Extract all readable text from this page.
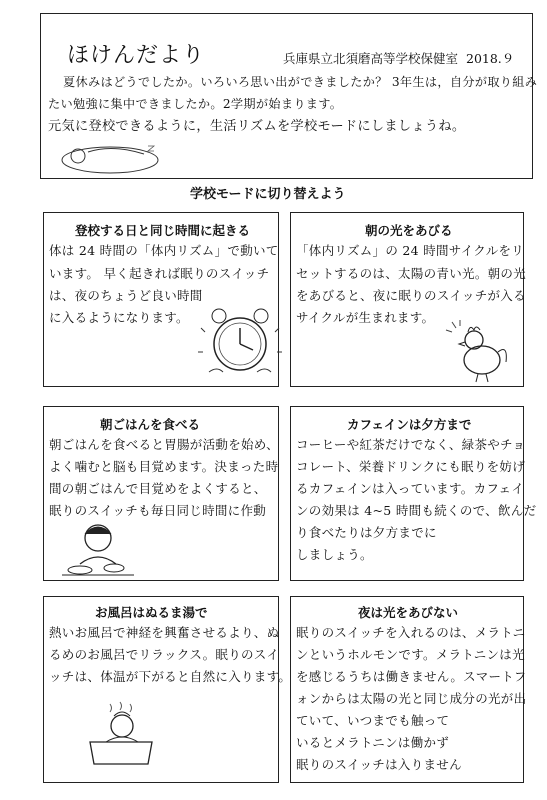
ほけんだより	兵庫県立北須磨高等学校保健室 2018.９
夏休みはどうでしたか。いろいろ思い出ができましたか？ 3年生は，自分が取り組み
たい勉強に集中できましたか。2学期が始まります。
元気に登校できるように，生活リズムを学校モードにしましょうね。
学校モードに切り替えよう
登校する日と同じ時間に起きる
体は 24 時間の「体内リズム」で動いて
います。 早く起きれば眠りのスイッチ
は、夜のちょうど良い時間
に入るようになります。
朝の光をあびる
「体内リズム」の 24 時間サイクルをリ
セットするのは、太陽の青い光。朝の光
をあびると、夜に眠りのスイッチが入る
サイクルが生まれます。
朝ごはんを食べる
朝ごはんを食べると胃腸が活動を始め、
よく噛むと脳も目覚めます。決まった時
間の朝ごはんで目覚めをよくすると、
眠りのスイッチも毎日同じ時間に作動
カフェインは夕方まで
コーヒーや紅茶だけでなく、緑茶やチョ
コレート、栄養ドリンクにも眠りを妨げ
るカフェインは入っています。カフェイ
ンの効果は 4~5 時間も続くので、飲んだ
り食べたりは夕方までに
しましょう。
お風呂はぬるま湯で
熱いお風呂で神経を興奮させるより、ぬ
るめのお風呂でリラックス。眠りのスイ
ッチは、体温が下がると自然に入ります。
夜は光をあびない
眠りのスイッチを入れるのは、メラトニ
ンというホルモンです。メラトニンは光
を感じるうちは働きません。スマートフ
ォンからは太陽の光と同じ成分の光が出
ていて、いつまでも触って
いるとメラトニンは働かず
眠りのスイッチは入りません
